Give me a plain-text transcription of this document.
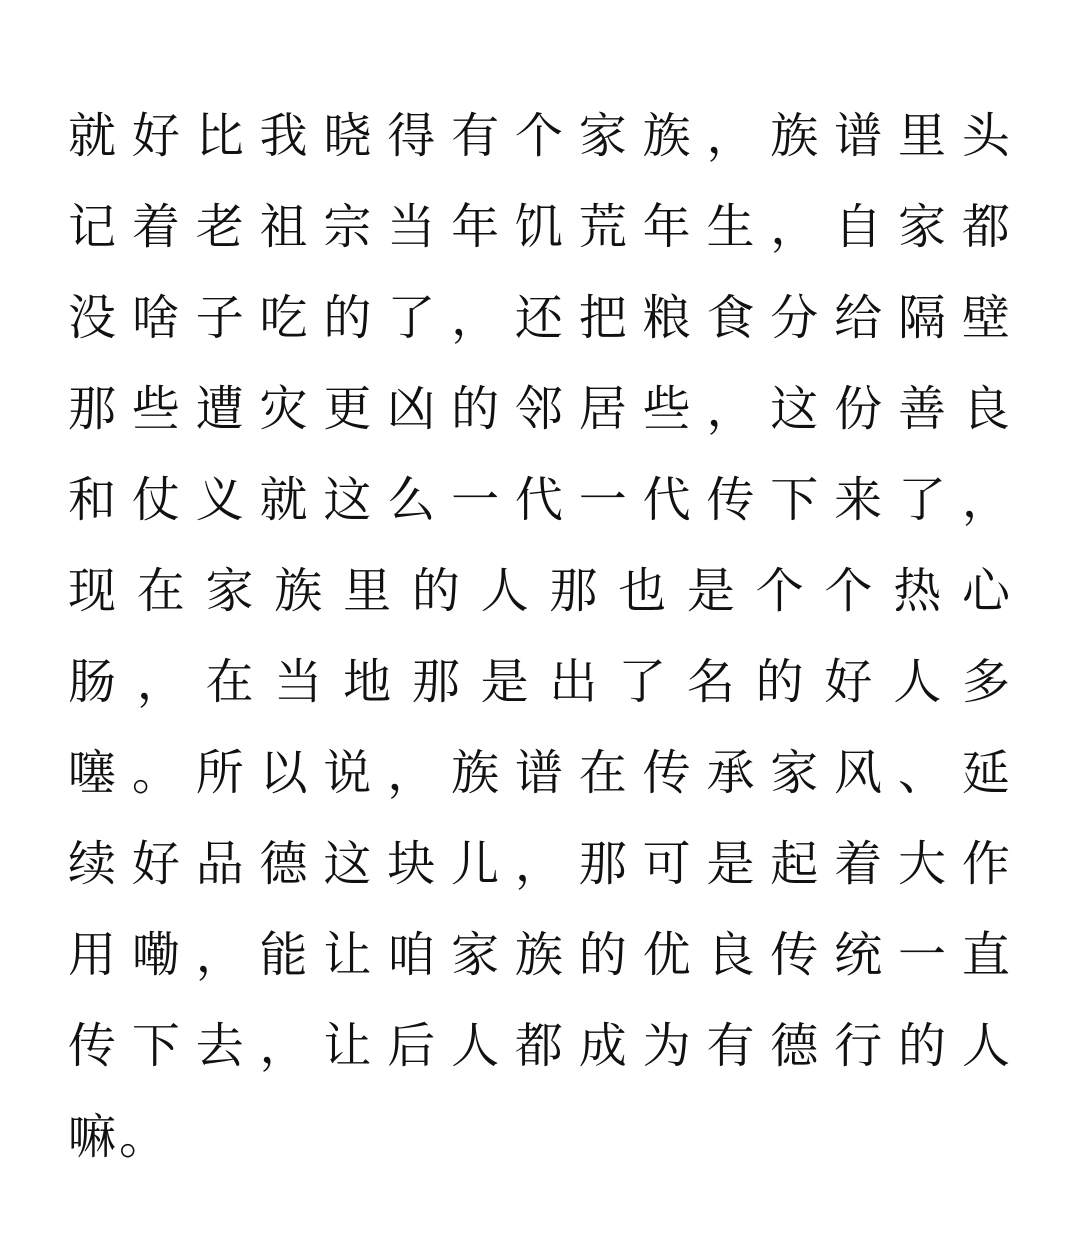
就 好 比 我 晓 得 有 个 家 族 ， 族 谱 里 头
记 着 老 祖 宗 当 年 饥 荒 年 生 ， 自 家 都
没 啥 子 吃 的 了 ， 还 把 粮 食 分 给 隔 壁
那 些 遭 灾 更 凶 的 邻 居 些 ， 这 份 善 良
和 仗 义 就 这 么 一 代 一 代 传 下 来 了 ，
现 在 家 族 里 的 人 那 也 是 个 个 热 心
肠 ， 在 当 地 那 是 出 了 名 的 好 人 多
噻 。 所 以 说 ， 族 谱 在 传 承 家 风 、 延
续 好 品 德 这 块 儿 ， 那 可 是 起 着 大 作
用 嘞 ， 能 让 咱 家 族 的 优 良 传 统 一 直
传 下 去 ， 让 后 人 都 成 为 有 德 行 的 人
嘛。
